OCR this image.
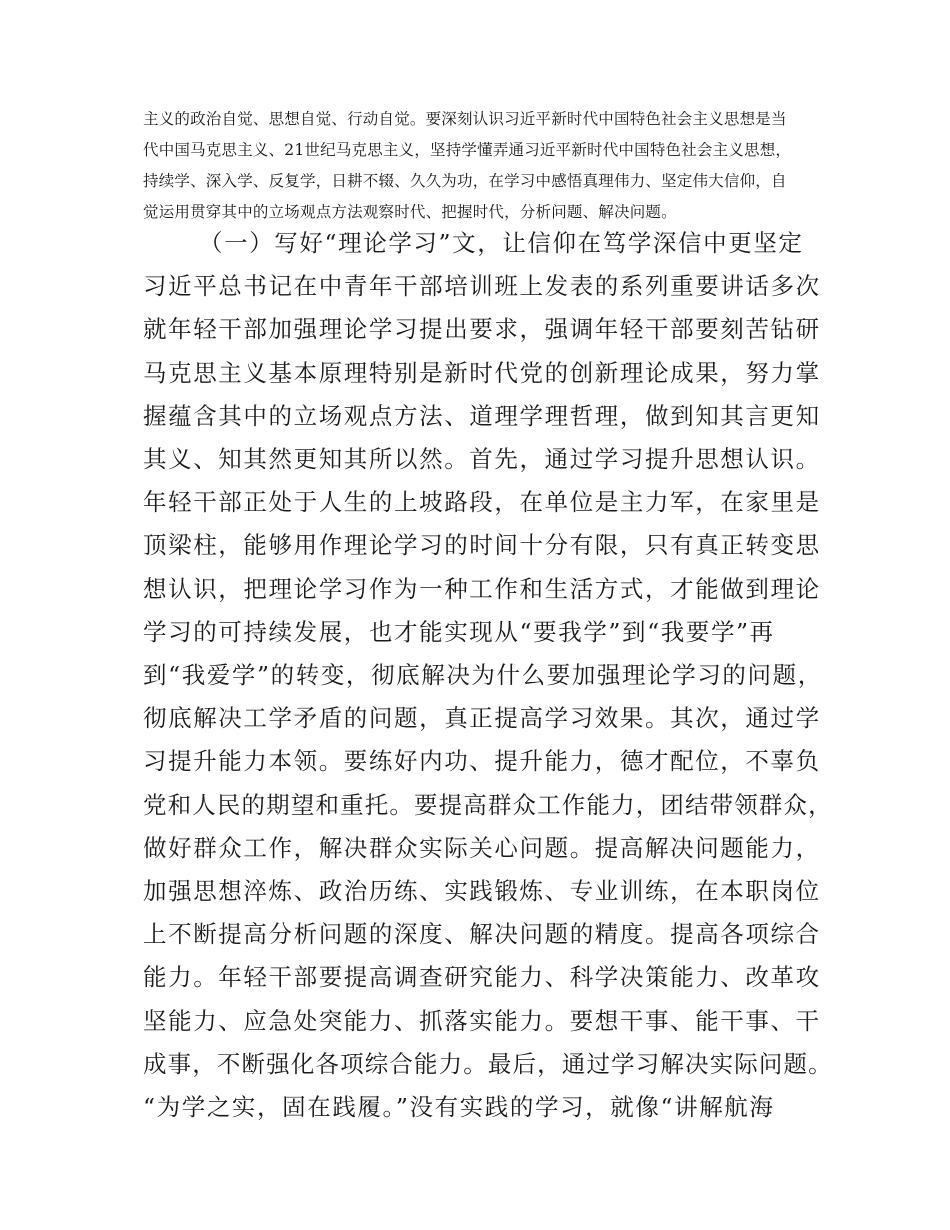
主义的政治自觉、思想自觉、行动自觉。要深刻认识习近平新时代中国特色社会主义思想是当
代中国马克思主义、21世纪马克思主义，坚持学懂弄通习近平新时代中国特色社会主义思想，
持续学、深入学、反复学，日耕不辍、久久为功，在学习中感悟真理伟力、坚定伟大信仰，自
觉运用贯穿其中的立场观点方法观察时代、把握时代，分析问题、解决问题。
（一）写好“理论学习”文，让信仰在笃学深信中更坚定
习近平总书记在中青年干部培训班上发表的系列重要讲话多次
就年轻干部加强理论学习提出要求，强调年轻干部要刻苦钻研
马克思主义基本原理特别是新时代党的创新理论成果，努力掌
握蕴含其中的立场观点方法、道理学理哲理，做到知其言更知
其义、知其然更知其所以然。首先，通过学习提升思想认识。
年轻干部正处于人生的上坡路段，在单位是主力军，在家里是
顶梁柱，能够用作理论学习的时间十分有限，只有真正转变思
想认识，把理论学习作为一种工作和生活方式，才能做到理论
学习的可持续发展，也才能实现从“要我学”到“我要学”再
到“我爱学”的转变，彻底解决为什么要加强理论学习的问题，
彻底解决工学矛盾的问题，真正提高学习效果。其次，通过学
习提升能力本领。要练好内功、提升能力，德才配位，不辜负
党和人民的期望和重托。要提高群众工作能力，团结带领群众，
做好群众工作，解决群众实际关心问题。提高解决问题能力，
加强思想淬炼、政治历练、实践锻炼、专业训练，在本职岗位
上不断提高分析问题的深度、解决问题的精度。提高各项综合
能力。年轻干部要提高调查研究能力、科学决策能力、改革攻
坚能力、应急处突能力、抓落实能力。要想干事、能干事、干
成事，不断强化各项综合能力。最后，通过学习解决实际问题。
“为学之实，固在践履。”没有实践的学习，就像“讲解航海
